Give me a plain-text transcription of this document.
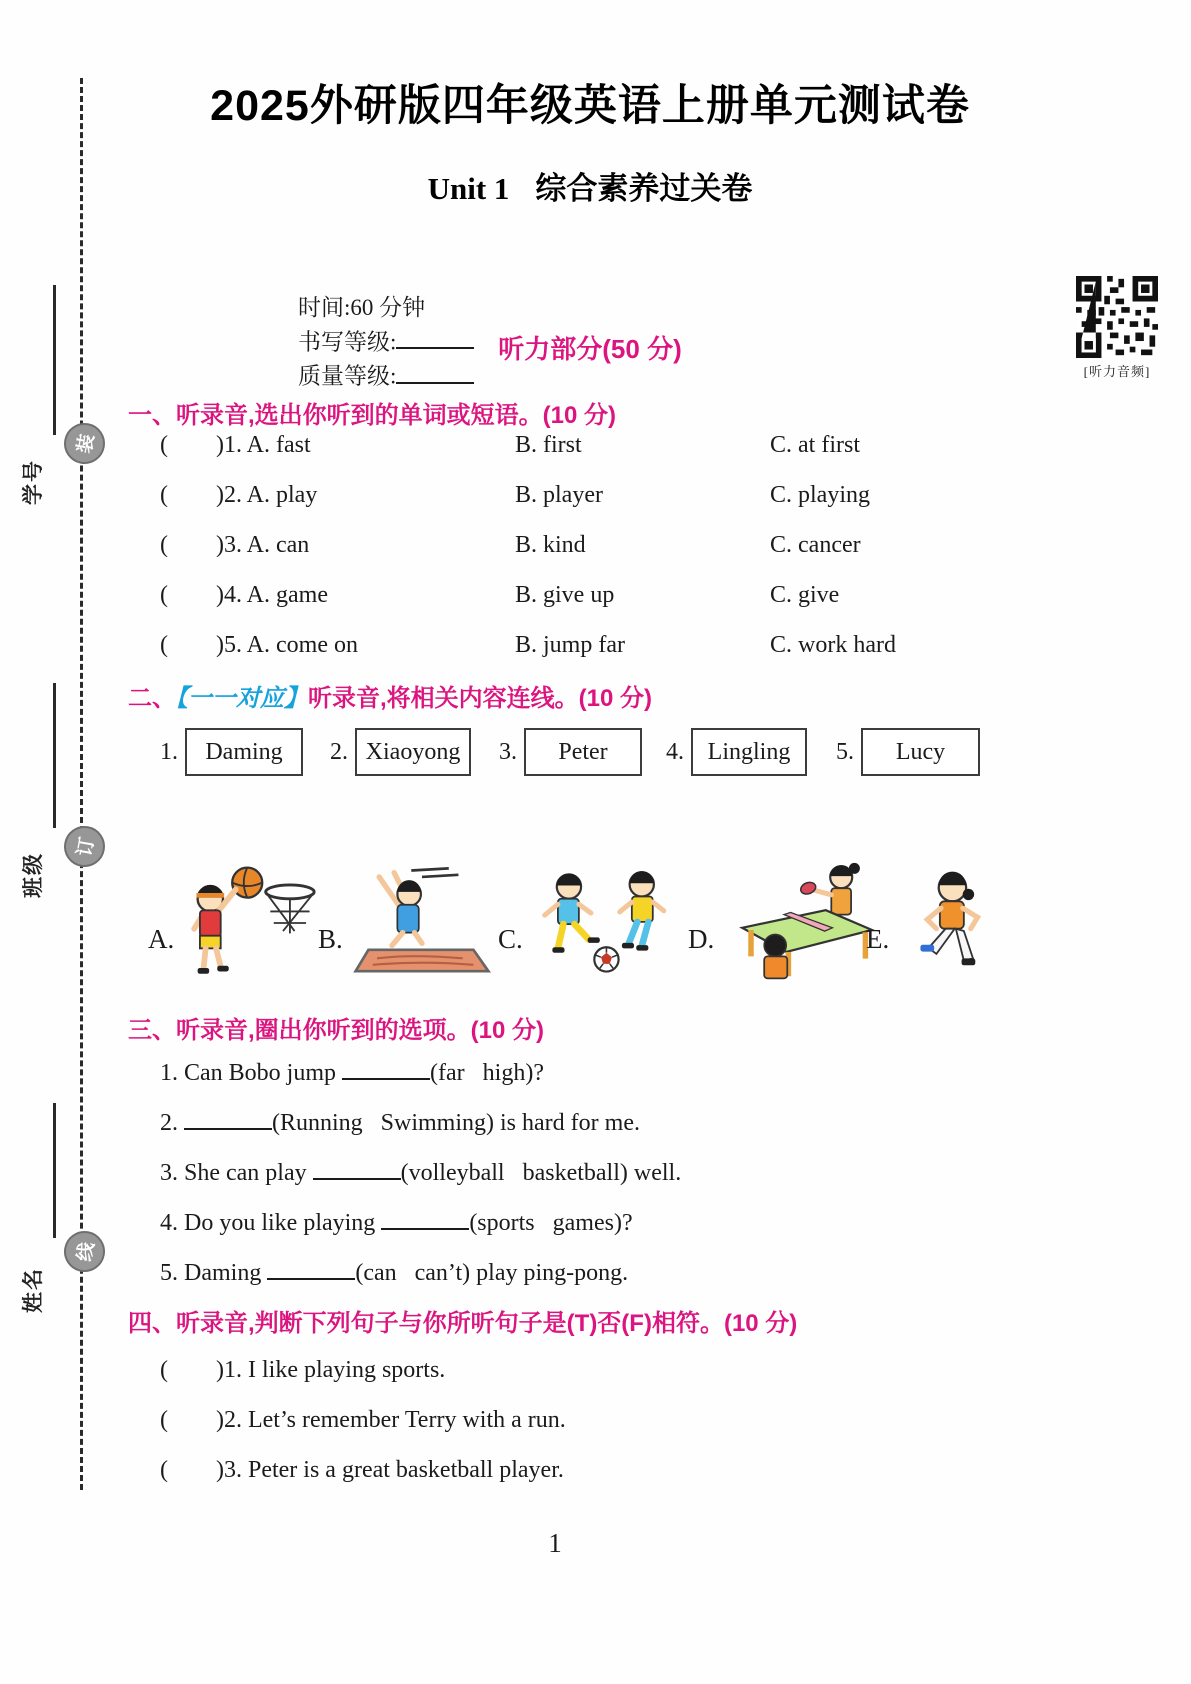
学号
班级
姓名
装
订
线
2025外研版四年级英语上册单元测试卷
Unit 1 综合素养过关卷

时间:60 分钟
书写等级:
质量等级:
	[听力音频]
听力部分(50 分)
一、听录音,选出你听到的单词或短语。(10 分)
(        )1. A. fast	B. first	C. at first
(        )2. A. play	B. player	C. playing
(        )3. A. can	B. kind	C. cancer
(        )4. A. game	B. give up	C. give
(        )5. A. come on	B. jump far	C. work hard
二、【一一对应】听录音,将相关内容连线。(10 分)
1.	Daming	2. Xiaoyong	3.	Peter	4. Lingling	5.	Lucy
A.	B.	C.	D.	E.
三、听录音,圈出你听到的选项。(10 分)
1. Can Bobo jump	(far   high)?
2.	(Running   Swimming) is hard for me.
3. She can play	(volleyball   basketball) well.
4. Do you like playing	(sports   games)?
5. Daming	(can   can’t) play ping-pong.
四、听录音,判断下列句子与你所听句子是(T)否(F)相符。(10 分)
(        )1. I like playing sports.
(        )2. Let’s remember Terry with a run.
(        )3. Peter is a great basketball player.
1
